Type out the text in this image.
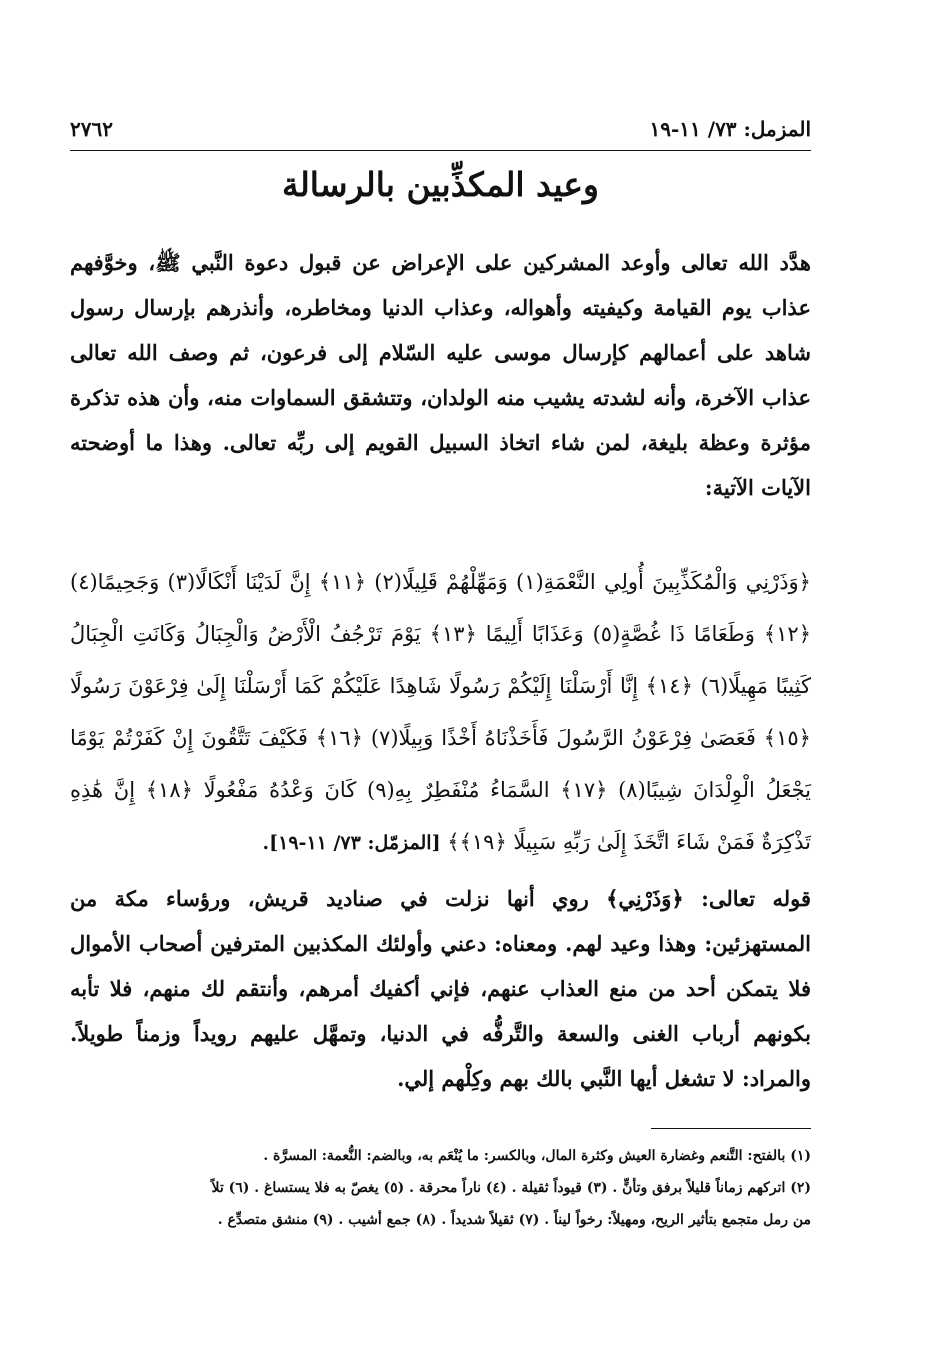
المزمل: ٧٣/ ١١-١٩
٢٧٦٢
وعيد المكذِّبين بالرسالة
هدَّد الله تعالى وأوعد المشركين على الإعراض عن قبول دعوة النَّبي ﷺ، وخوَّفهم عذاب يوم القيامة وكيفيته وأهواله، وعذاب الدنيا ومخاطره، وأنذرهم بإرسال رسول شاهد على أعمالهم كإرسال موسى عليه السّلام إلى فرعون، ثم وصف الله تعالى عذاب الآخرة، وأنه لشدته يشيب منه الولدان، وتتشقق السماوات منه، وأن هذه تذكرة مؤثرة وعظة بليغة، لمن شاء اتخاذ السبيل القويم إلى ربِّه تعالى. وهذا ما أوضحته الآيات الآتية:
﴿وَذَرْنِي وَالْمُكَذِّبِينَ أُولِي النَّعْمَةِ(١) وَمَهِّلْهُمْ قَلِيلًا(٢) ﴿١١﴾ إِنَّ لَدَيْنَا أَنْكَالًا(٣) وَجَحِيمًا(٤) ﴿١٢﴾ وَطَعَامًا ذَا غُصَّةٍ(٥) وَعَذَابًا أَلِيمًا ﴿١٣﴾ يَوْمَ تَرْجُفُ الْأَرْضُ وَالْجِبَالُ وَكَانَتِ الْجِبَالُ كَثِيبًا مَهِيلًا(٦) ﴿١٤﴾ إِنَّا أَرْسَلْنَا إِلَيْكُمْ رَسُولًا شَاهِدًا عَلَيْكُمْ كَمَا أَرْسَلْنَا إِلَىٰ فِرْعَوْنَ رَسُولًا ﴿١٥﴾ فَعَصَىٰ فِرْعَوْنُ الرَّسُولَ فَأَخَذْنَاهُ أَخْذًا وَبِيلًا(٧) ﴿١٦﴾ فَكَيْفَ تَتَّقُونَ إِنْ كَفَرْتُمْ يَوْمًا يَجْعَلُ الْوِلْدَانَ شِيبًا(٨) ﴿١٧﴾ السَّمَاءُ مُنْفَطِرٌ بِهِ(٩) كَانَ وَعْدُهُ مَفْعُولًا ﴿١٨﴾ إِنَّ هَٰذِهِ تَذْكِرَةٌ فَمَنْ شَاءَ اتَّخَذَ إِلَىٰ رَبِّهِ سَبِيلًا ﴿١٩﴾﴾ [المزمّل: ٧٣/ ١١-١٩].
قوله تعالى: ﴿وَذَرْنِي﴾ روي أنها نزلت في صناديد قريش، ورؤساء مكة من المستهزئين: وهذا وعيد لهم. ومعناه: دعني وأولئك المكذبين المترفين أصحاب الأموال فلا يتمكن أحد من منع العذاب عنهم، فإني أكفيك أمرهم، وأنتقم لك منهم، فلا تأبه بكونهم أرباب الغنى والسعة والتَّرفُّه في الدنيا، وتمهَّل عليهم رويداً وزمناً طويلاً. والمراد: لا تشغل أيها النَّبي بالك بهم وكِلْهم إلي.

(١) بالفتح: التَّنعم وغضارة العيش وكثرة المال، وبالكسر: ما يُنْعَم به، وبالضم: النُّعمة: المسرَّة .

(٢) اتركهم زماناً قليلاً برفق وتأنٍّ . (٣) قيوداً ثقيلة . (٤) ناراً محرقة . (٥) يغصّ به فلا يستساغ . (٦) تلاً

من رمل متجمع بتأثير الريح، ومهيلاً: رخواً ليناً . (٧) ثقيلاً شديداً . (٨) جمع أشيب . (٩) منشق متصدِّع .
